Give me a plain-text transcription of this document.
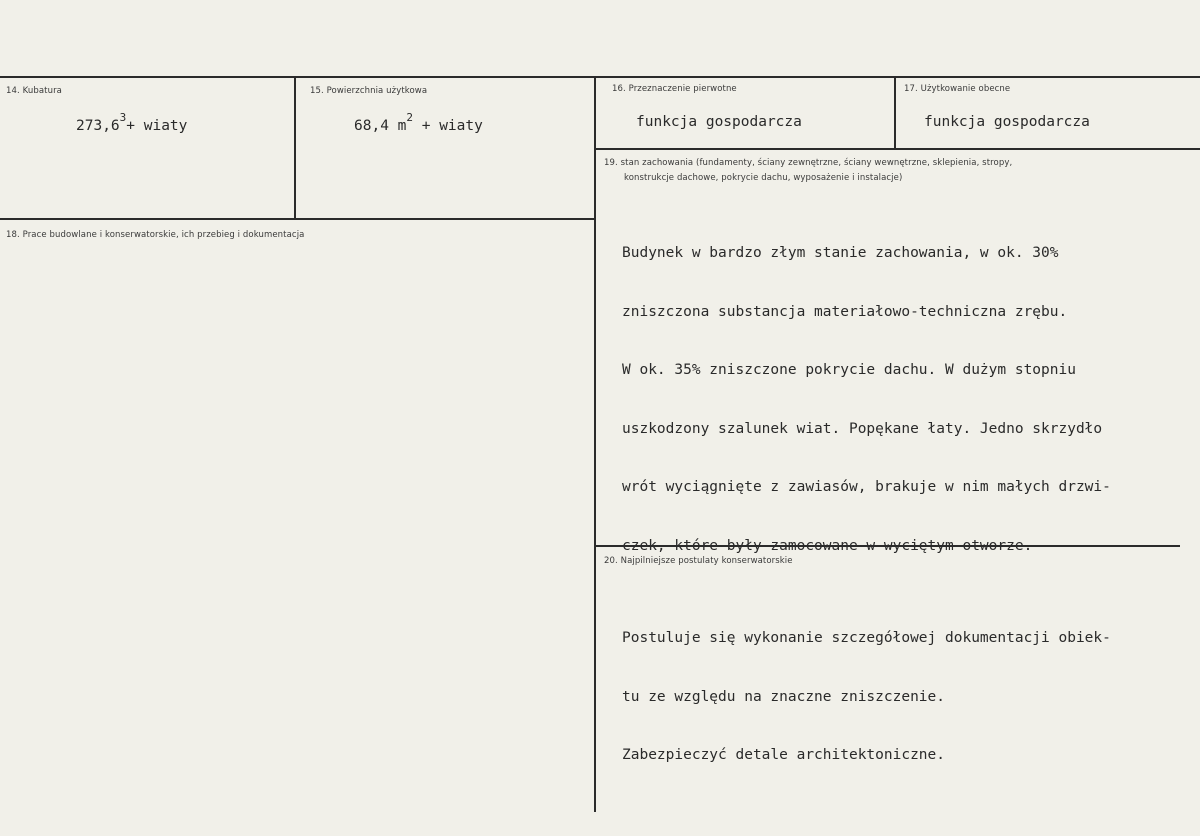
14. Kubatura
$273,6^3+$ wiaty
15. Powierzchnia użytkowa
68,4 $m^2$ + wiaty
16. Przeznaczenie pierwotne
funkcja gospodarcza
17. Użytkowanie obecne
funkcja gospodarcza
18. Prace budowlane i konserwatorskie, ich przebieg i dokumentacja
19. stan zachowania (fundamenty, ściany zewnętrzne, ściany wewnętrzne, sklepienia, stropy,
konstrukcje dachowe, pokrycie dachu, wyposażenie i instalacje)

Budynek w bardzo złym stanie zachowania, w ok. 30%

zniszczona substancja materiałowo-techniczna zrębu.

W ok. 35% zniszczone pokrycie dachu. W dużym stopniu

uszkodzony szalunek wiat. Popękane łaty. Jedno skrzydło

wrót wyciągnięte z zawiasów, brakuje w nim małych drzwi-

czek, które były zamocowane w wyciętym otworze.

20. Najpilniejsze postulaty konserwatorskie

Postuluje się wykonanie szczegółowej dokumentacji obiek-

tu ze względu na znaczne zniszczenie.

Zabezpieczyć detale architektoniczne.
